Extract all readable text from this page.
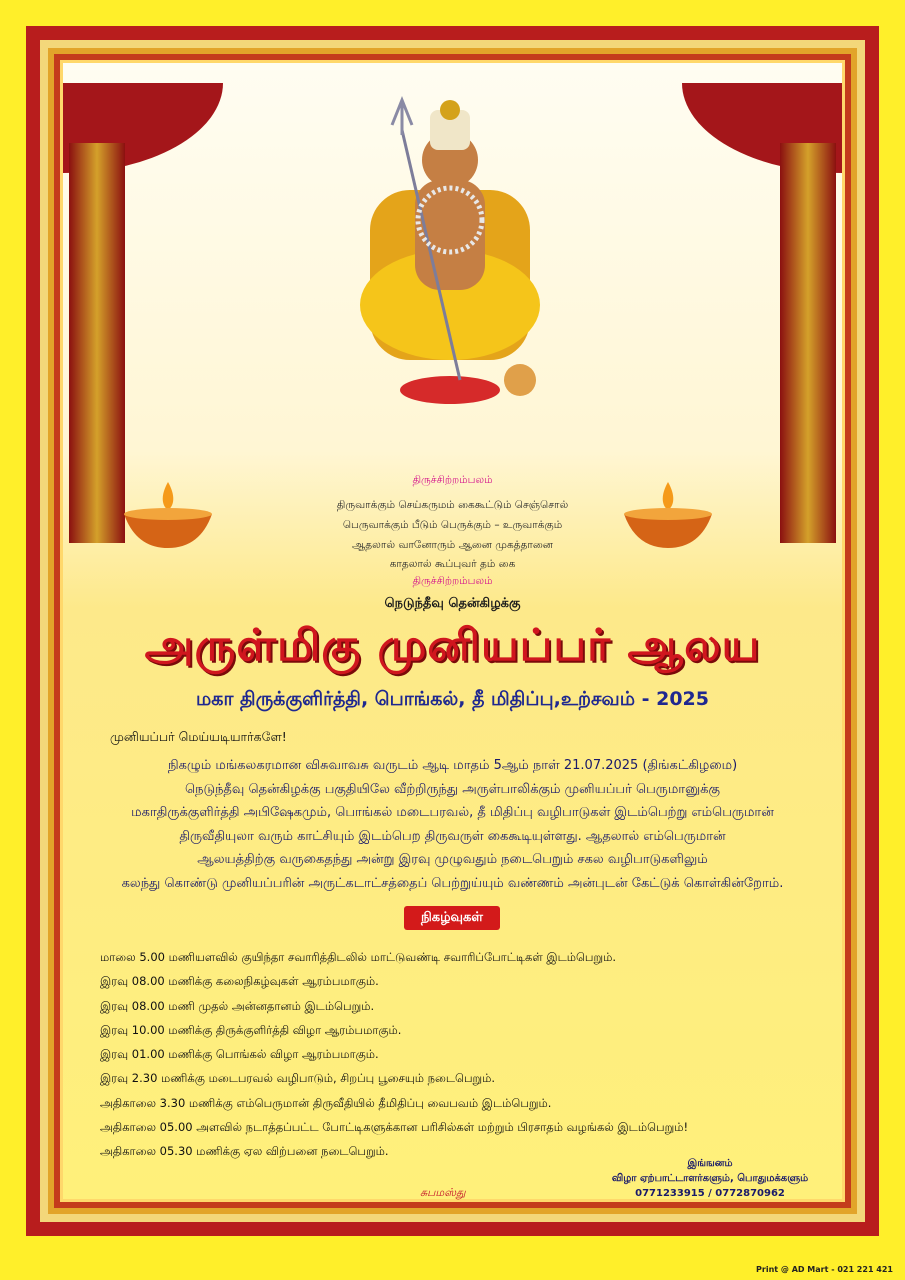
திருச்சிற்றம்பலம்
திருவாக்கும் செய்கருமம் கைகூட்டும் செஞ்சொல்
பெருவாக்கும் பீடும் பெருக்கும் – உருவாக்கும்
ஆதலால் வானோரும் ஆனை முகத்தானை
காதலால் கூப்புவர் தம் கை
திருச்சிற்றம்பலம்
நெடுந்தீவு தென்கிழக்கு
அருள்மிகு முனியப்பர் ஆலய
மகா திருக்குளிர்த்தி, பொங்கல், தீ மிதிப்பு,உற்சவம் - 2025
முனியப்பர் மெய்யடியார்களே!
நிகழும் மங்கலகரமான விசுவாவசு வருடம் ஆடி மாதம் 5ஆம் நாள் 21.07.2025 (திங்கட்கிழமை)
நெடுந்தீவு தென்கிழக்கு பகுதியிலே வீற்றிருந்து அருள்பாலிக்கும் முனியப்பர் பெருமானுக்கு
மகாதிருக்குளிர்த்தி அபிஷேகமும், பொங்கல் மடைபரவல், தீ மிதிப்பு வழிபாடுகள் இடம்பெற்று எம்பெருமான்
திருவீதியுலா வரும் காட்சியும் இடம்பெற திருவருள் கைகூடியுள்ளது. ஆதலால் எம்பெருமான்
ஆலயத்திற்கு வருகைதந்து அன்று இரவு முழுவதும் நடைபெறும் சகல வழிபாடுகளிலும்
கலந்து கொண்டு முனியப்பரின் அருட்கடாட்சத்தைப் பெற்றுய்யும் வண்ணம் அன்புடன் கேட்டுக் கொள்கின்றோம்.
நிகழ்வுகள்
மாலை 5.00 மணியளவில் குயிந்தா சவாரித்திடலில் மாட்டுவண்டி சவாரிப்போட்டிகள் இடம்பெறும்.
இரவு 08.00 மணிக்கு கலைநிகழ்வுகள் ஆரம்பமாகும்.
இரவு 08.00 மணி முதல் அன்னதானம் இடம்பெறும்.
இரவு 10.00 மணிக்கு திருக்குளிர்த்தி விழா ஆரம்பமாகும்.
இரவு 01.00 மணிக்கு பொங்கல் விழா ஆரம்பமாகும்.
இரவு 2.30 மணிக்கு மடைபரவல் வழிபாடும், சிறப்பு பூசையும் நடைபெறும்.
அதிகாலை 3.30 மணிக்கு எம்பெருமான் திருவீதியில் தீமிதிப்பு வைபவம் இடம்பெறும்.
அதிகாலை 05.00 அளவில் நடாத்தப்பட்ட போட்டிகளுக்கான பரிசில்கள் மற்றும் பிரசாதம் வழங்கல் இடம்பெறும்!
அதிகாலை 05.30 மணிக்கு ஏல விற்பனை நடைபெறும்.
சுபமஸ்து
இங்ஙனம்
விழா ஏற்பாட்டாளர்களும், பொதுமக்களும்
0771233915 / 0772870962
Print @ AD Mart - 021 221 421
